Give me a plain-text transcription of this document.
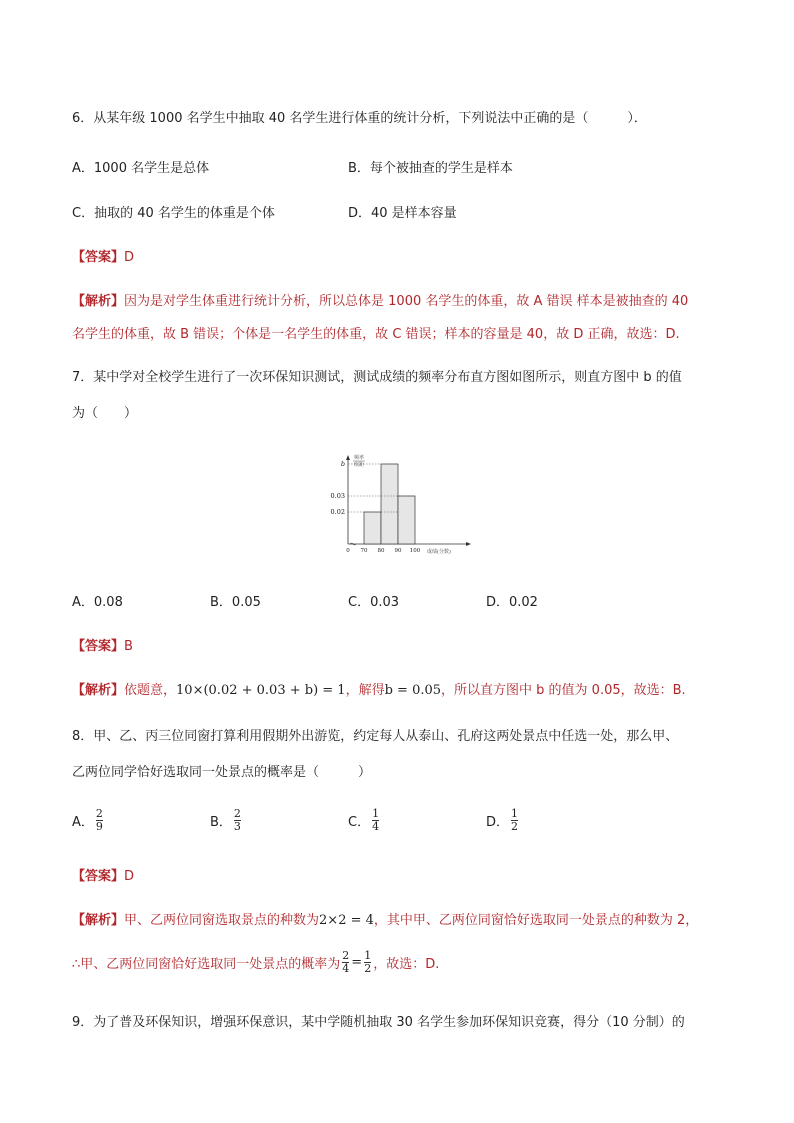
6．从某年级 1000 名学生中抽取 40 名学生进行体重的统计分析，下列说法中正确的是（　　　）．
A．1000 名学生是总体	B．每个被抽查的学生是样本
C．抽取的 40 名学生的体重是个体	D．40 是样本容量
【答案】D
【解析】因为是对学生体重进行统计分析，所以总体是 1000 名学生的体重，故 A 错误 样本是被抽查的 40
名学生的体重，故 B 错误；个体是一名学生的体重，故 C 错误；样本的容量是 40，故 D 正确，故选：D.
7．某中学对全校学生进行了一次环保知识测试，测试成绩的频率分布直方图如图所示，则直方图中 b 的值
为（　　）
频率
组距
b
0.03
0.02
0 70 80 90 100 成绩(分数)
A．0.08	B．0.05	C．0.03	D．0.02
【答案】B
【解析】依题意，10×(0.02 + 0.03 + b) = 1，解得b = 0.05，所以直方图中 b 的值为 0.05，故选：B.
8．甲、乙、丙三位同窗打算利用假期外出游览，约定每人从泰山、孔府这两处景点中任选一处，那么甲、
乙两位同学恰好选取同一处景点的概率是（　　　）
A． $\frac{2}{9}$	B． $\frac{2}{3}$	C． $\frac{1}{4}$	D． $\frac{1}{2}$
【答案】D
【解析】甲、乙两位同窗选取景点的种数为2×2 = 4，其中甲、乙两位同窗恰好选取同一处景点的种数为 2，
∴甲、乙两位同窗恰好选取同一处景点的概率为 $\frac{2}{4} = \frac{1}{2}$ ，故选：D.
9．为了普及环保知识，增强环保意识，某中学随机抽取 30 名学生参加环保知识竞赛，得分（10 分制）的
